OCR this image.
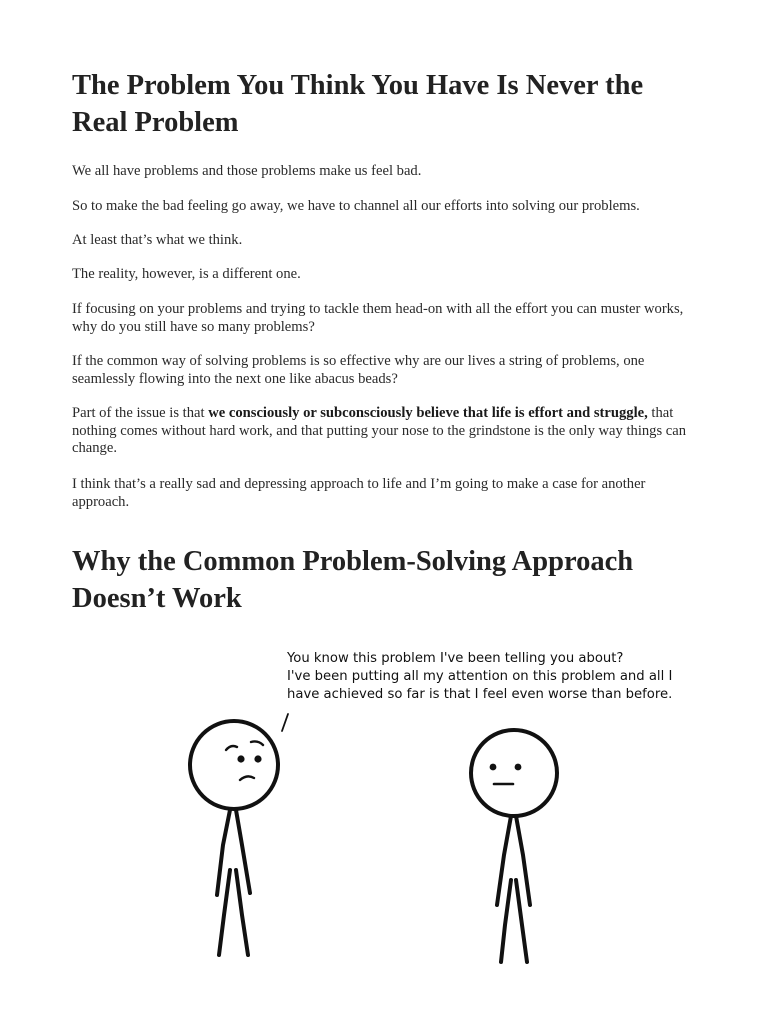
The Problem You Think You Have Is Never the Real Problem

We all have problems and those problems make us feel bad.

So to make the bad feeling go away, we have to channel all our efforts into solving our problems.

At least that’s what we think.

The reality, however, is a different one.

If focusing on your problems and trying to tackle them head-on with all the effort you can muster works, why do you still have so many problems?

If the common way of solving problems is so effective why are our lives a string of problems, one seamlessly flowing into the next one like abacus beads?

Part of the issue is that we consciously or subconsciously believe that life is effort and struggle, that nothing comes without hard work, and that putting your nose to the grindstone is the only way things can change.

I think that’s a really sad and depressing approach to life and I’m going to make a case for another approach.

Why the Common Problem-Solving Approach Doesn’t Work
You know this problem I've been telling you about?
I've been putting all my attention on this problem and all I
have achieved so far is that I feel even worse than before.
